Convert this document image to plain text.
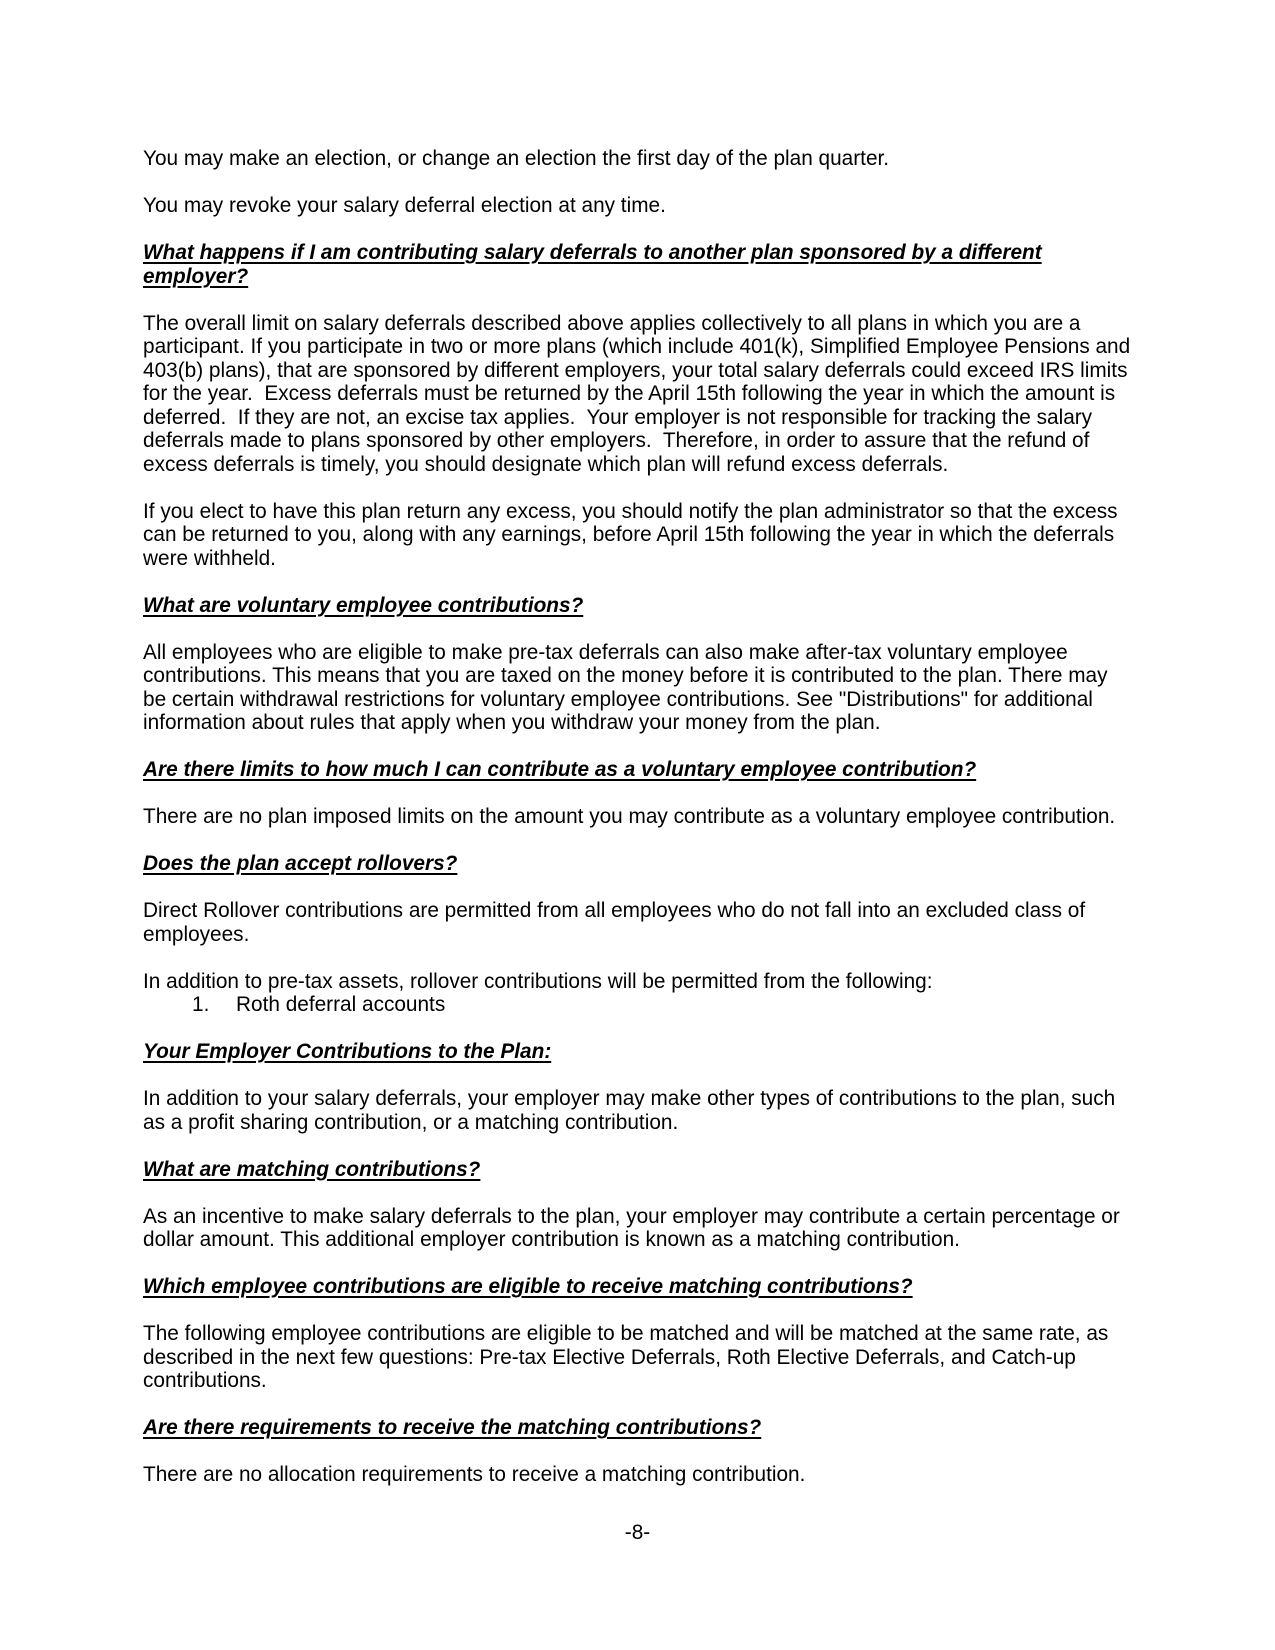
You may make an election, or change an election the first day of the plan quarter.

You may revoke your salary deferral election at any time.

What happens if I am contributing salary deferrals to another plan sponsored by a different employer?

The overall limit on salary deferrals described above applies collectively to all plans in which you are a participant. If you participate in two or more plans (which include 401(k), Simplified Employee Pensions and 403(b) plans), that are sponsored by different employers, your total salary deferrals could exceed IRS limits for the year.  Excess deferrals must be returned by the April 15th following the year in which the amount is deferred.  If they are not, an excise tax applies.  Your employer is not responsible for tracking the salary deferrals made to plans sponsored by other employers.  Therefore, in order to assure that the refund of excess deferrals is timely, you should designate which plan will refund excess deferrals.

If you elect to have this plan return any excess, you should notify the plan administrator so that the excess can be returned to you, along with any earnings, before April 15th following the year in which the deferrals were withheld.

What are voluntary employee contributions?

All employees who are eligible to make pre-tax deferrals can also make after-tax voluntary employee contributions. This means that you are taxed on the money before it is contributed to the plan. There may be certain withdrawal restrictions for voluntary employee contributions. See "Distributions" for additional information about rules that apply when you withdraw your money from the plan.

Are there limits to how much I can contribute as a voluntary employee contribution?

There are no plan imposed limits on the amount you may contribute as a voluntary employee contribution.

Does the plan accept rollovers?

Direct Rollover contributions are permitted from all employees who do not fall into an excluded class of employees.

In addition to pre-tax assets, rollover contributions will be permitted from the following:

1. Roth deferral accounts
Your Employer Contributions to the Plan:

In addition to your salary deferrals, your employer may make other types of contributions to the plan, such as a profit sharing contribution, or a matching contribution.

What are matching contributions?

As an incentive to make salary deferrals to the plan, your employer may contribute a certain percentage or dollar amount. This additional employer contribution is known as a matching contribution.

Which employee contributions are eligible to receive matching contributions?

The following employee contributions are eligible to be matched and will be matched at the same rate, as described in the next few questions: Pre-tax Elective Deferrals, Roth Elective Deferrals, and Catch-up contributions.

Are there requirements to receive the matching contributions?

There are no allocation requirements to receive a matching contribution.

-8-
